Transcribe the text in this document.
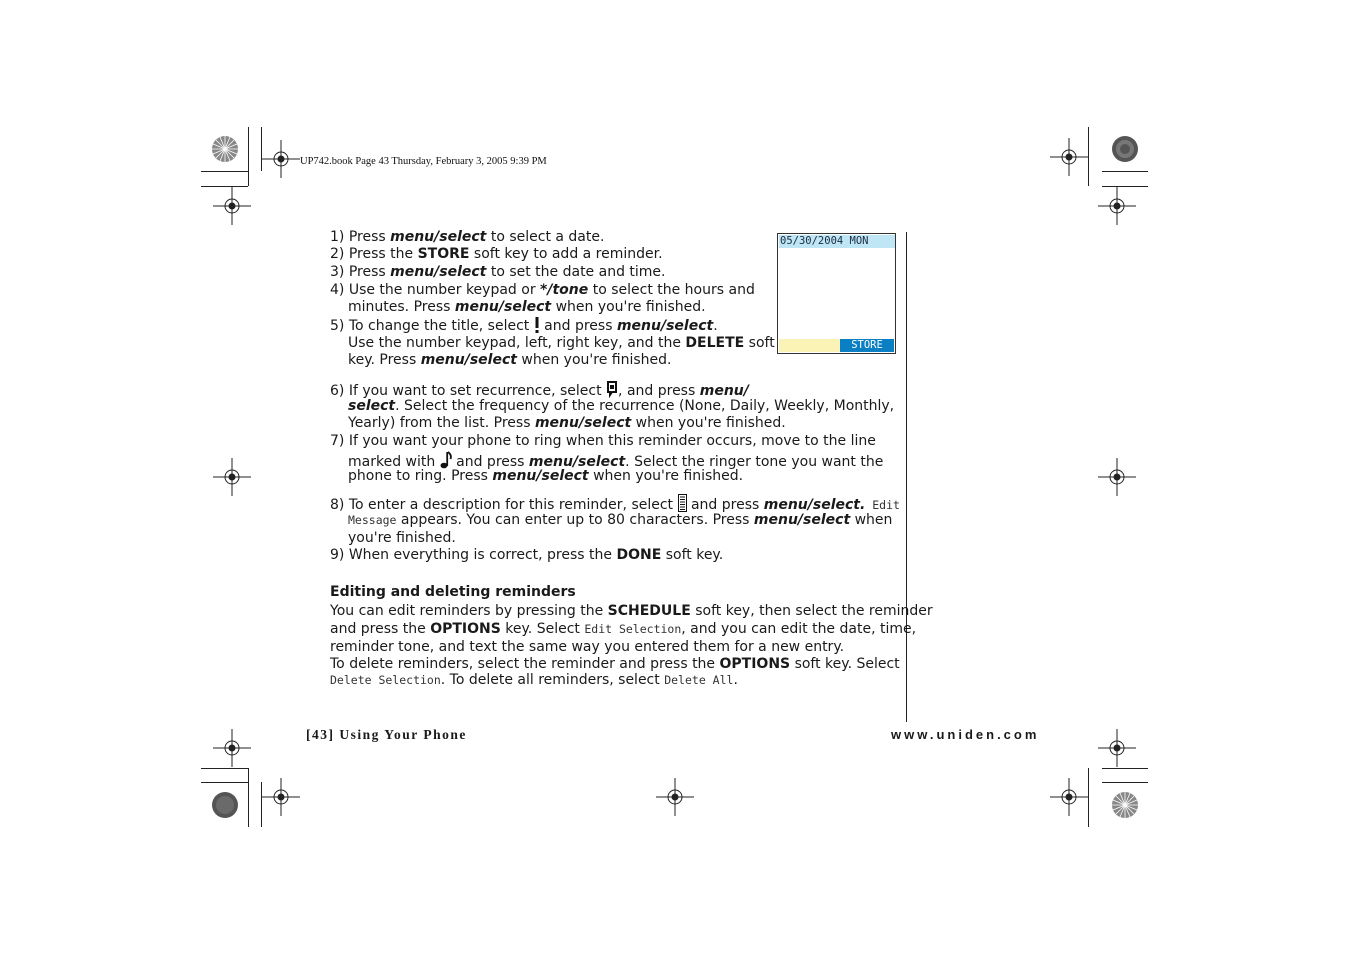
UP742.book Page 43 Thursday, February 3, 2005 9:39 PM
05/30/2004 MON
STORE
1) Press menu/select to select a date.
2) Press the STORE soft key to add a reminder.
3) Press menu/select to set the date and time.
4) Use the number keypad or */tone to select the hours and
minutes. Press menu/select when you're finished.
5) To change the title, select  and press menu/select.
Use the number keypad, left, right key, and the DELETE soft
key. Press menu/select when you're finished.
6) If you want to set recurrence, select , and press menu/
select. Select the frequency of the recurrence (None, Daily, Weekly, Monthly,
Yearly) from the list. Press menu/select when you're finished.
7) If you want your phone to ring when this reminder occurs, move to the line
marked with  and press menu/select. Select the ringer tone you want the
phone to ring. Press menu/select when you're finished.
8) To enter a description for this reminder, select  and press menu/select. Edit
Message appears. You can enter up to 80 characters. Press menu/select when
you're finished.
9) When everything is correct, press the DONE soft key.
Editing and deleting reminders
You can edit reminders by pressing the SCHEDULE soft key, then select the reminder
and press the OPTIONS key. Select Edit Selection, and you can edit the date, time,
reminder tone, and text the same way you entered them for a new entry.
To delete reminders, select the reminder and press the OPTIONS soft key. Select
Delete Selection. To delete all reminders, select Delete All.
[43] Using Your Phone	www.uniden.com
